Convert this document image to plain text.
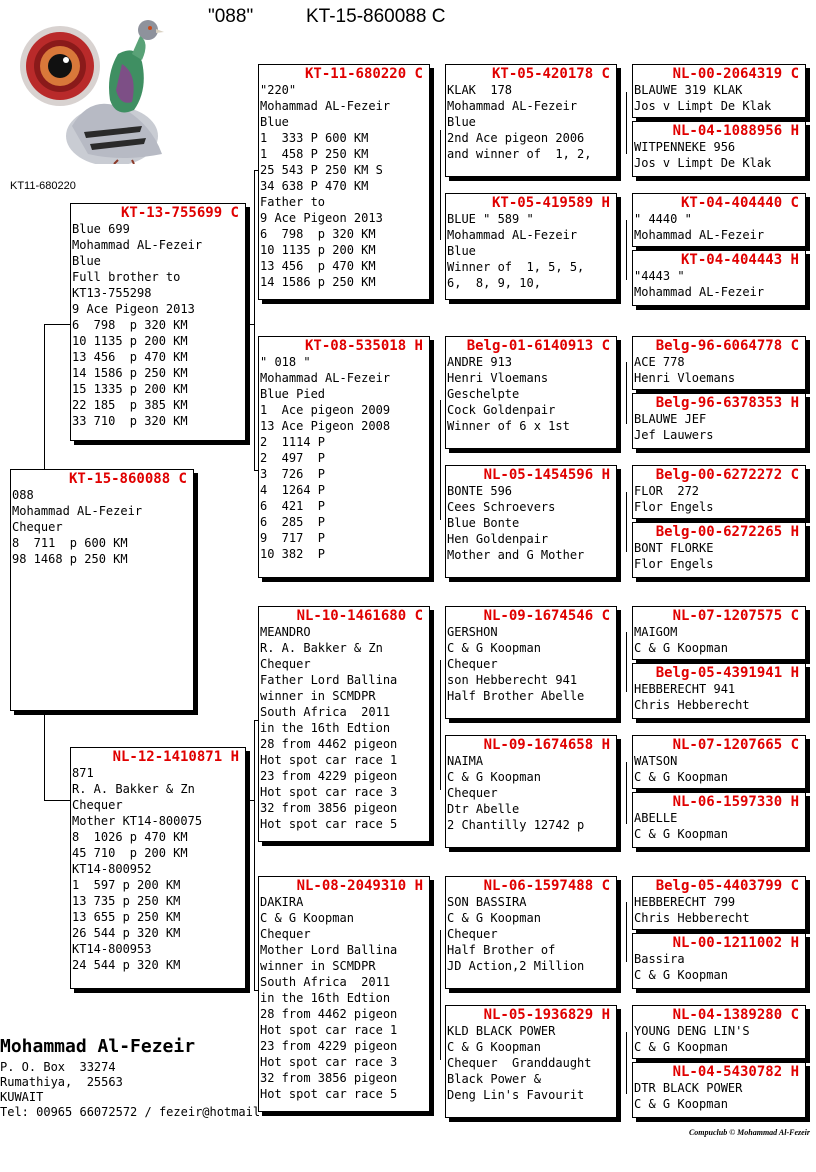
"088"	KT-15-860088 C
KT11-680220
KT-15-860088 C
088
Mohammad AL-Fezeir
Chequer
8  711  p 600 KM
98 1468 p 250 KM
KT-13-755699 C
Blue 699
Mohammad AL-Fezeir
Blue
Full brother to
KT13-755298
9 Ace Pigeon 2013
6  798  p 320 KM
10 1135 p 200 KM
13 456  p 470 KM
14 1586 p 250 KM
15 1335 p 200 KM
22 185  p 385 KM
33 710  p 320 KM
NL-12-1410871 H
871
R. A. Bakker & Zn
Chequer
Mother KT14-800075
8  1026 p 470 KM
45 710  p 200 KM
KT14-800952
1  597 p 200 KM
13 735 p 250 KM
13 655 p 250 KM
26 544 p 320 KM
KT14-800953
24 544 p 320 KM
KT-11-680220 C
"220"
Mohammad AL-Fezeir
Blue
1  333 P 600 KM
1  458 P 250 KM
25 543 P 250 KM S
34 638 P 470 KM
Father to
9 Ace Pigeon 2013
6  798  p 320 KM
10 1135 p 200 KM
13 456  p 470 KM
14 1586 p 250 KM
KT-08-535018 H
" 018 "
Mohammad AL-Fezeir
Blue Pied
1  Ace pigeon 2009
13 Ace Pigeon 2008
2  1114 P
2  497  P
3  726  P
4  1264 P
6  421  P
6  285  P
9  717  P
10 382  P
NL-10-1461680 C
MEANDRO
R. A. Bakker & Zn
Chequer
Father Lord Ballina
winner in SCMDPR
South Africa  2011
in the 16th Edtion
28 from 4462 pigeon
Hot spot car race 1
23 from 4229 pigeon
Hot spot car race 3
32 from 3856 pigeon
Hot spot car race 5
NL-08-2049310 H
DAKIRA
C & G Koopman
Chequer
Mother Lord Ballina
winner in SCMDPR
South Africa  2011
in the 16th Edtion
28 from 4462 pigeon
Hot spot car race 1
23 from 4229 pigeon
Hot spot car race 3
32 from 3856 pigeon
Hot spot car race 5
KT-05-420178 C
KLAK  178
Mohammad AL-Fezeir
Blue
2nd Ace pigeon 2006
and winner of  1, 2,
KT-05-419589 H
BLUE " 589 "
Mohammad AL-Fezeir
Blue
Winner of  1, 5, 5,
6,  8, 9, 10,
Belg-01-6140913 C
ANDRE 913
Henri Vloemans
Geschelpte
Cock Goldenpair
Winner of 6 x 1st
NL-05-1454596 H
BONTE 596
Cees Schroevers
Blue Bonte
Hen Goldenpair
Mother and G Mother
NL-09-1674546 C
GERSHON
C & G Koopman
Chequer
son Hebberecht 941
Half Brother Abelle
NL-09-1674658 H
NAIMA
C & G Koopman
Chequer
Dtr Abelle
2 Chantilly 12742 p
NL-06-1597488 C
SON BASSIRA
C & G Koopman
Chequer
Half Brother of
JD Action,2 Million
NL-05-1936829 H
KLD BLACK POWER
C & G Koopman
Chequer  Granddaught
Black Power &
Deng Lin's Favourit
NL-00-2064319 C
BLAUWE 319 KLAK
Jos v Limpt De Klak
NL-04-1088956 H
WITPENNEKE 956
Jos v Limpt De Klak
KT-04-404440 C
" 4440 "
Mohammad AL-Fezeir
KT-04-404443 H
"4443 "
Mohammad AL-Fezeir
Belg-96-6064778 C
ACE 778
Henri Vloemans
Belg-96-6378353 H
BLAUWE JEF
Jef Lauwers
Belg-00-6272272 C
FLOR  272
Flor Engels
Belg-00-6272265 H
BONT FLORKE
Flor Engels
NL-07-1207575 C
MAIGOM
C & G Koopman
Belg-05-4391941 H
HEBBERECHT 941
Chris Hebberecht
NL-07-1207665 C
WATSON
C & G Koopman
NL-06-1597330 H
ABELLE
C & G Koopman
Belg-05-4403799 C
HEBBERECHT 799
Chris Hebberecht
NL-00-1211002 H
Bassira
C & G Koopman
NL-04-1389280 C
YOUNG DENG LIN'S
C & G Koopman
NL-04-5430782 H
DTR BLACK POWER
C & G Koopman
Mohammad Al-Fezeir
P. O. Box  33274
Rumathiya,  25563
KUWAIT
Tel: 00965 66072572 / fezeir@hotmail.
Compuclub © Mohammad Al-Fezeir
